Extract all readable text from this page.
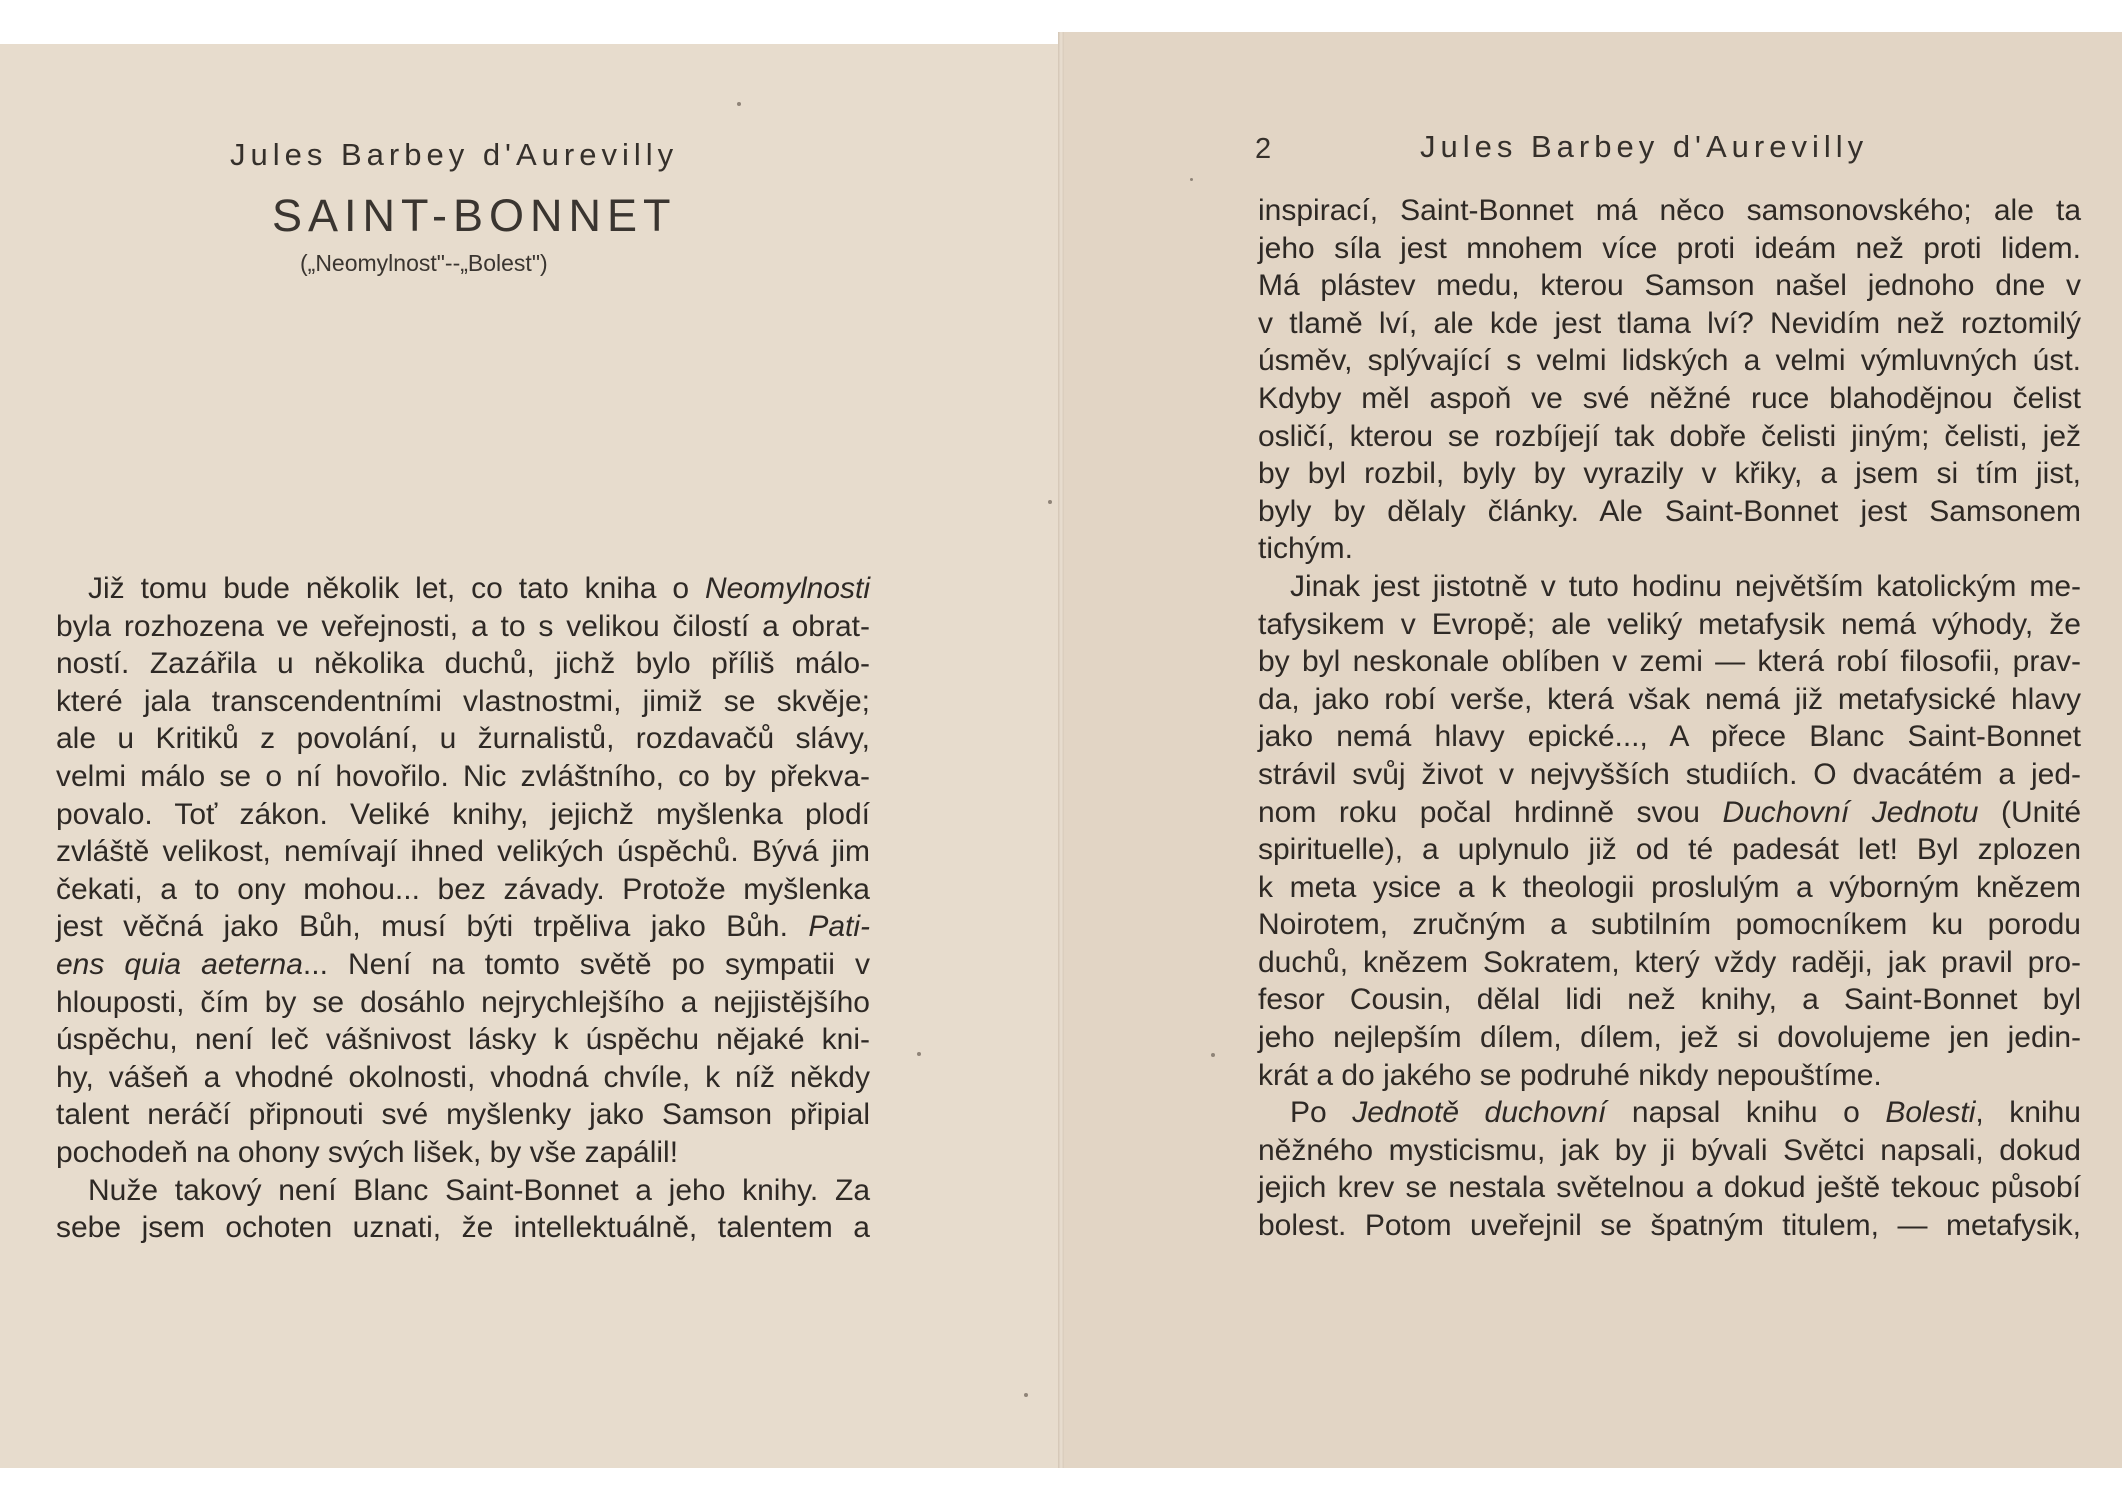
Jules Barbey d'Aurevilly
SAINT-BONNET
(„Neomylnost"--„Bolest")
Již tomu bude několik let, co tato kniha o Neomylnosti
byla rozhozena ve veřejnosti, a to s velikou čilostí a obrat-
ností. Zazářila u několika duchů, jichž bylo příliš málo-
které jala transcendentními vlastnostmi, jimiž se skvěje;
ale u Kritiků z povolání, u žurnalistů, rozdavačů slávy,
velmi málo se o ní hovořilo. Nic zvláštního, co by překva-
povalo. Toť zákon. Veliké knihy, jejichž myšlenka plodí
zvláště velikost, nemívají ihned velikých úspěchů. Bývá jim
čekati, a to ony mohou... bez závady. Protože myšlenka
jest věčná jako Bůh, musí býti trpěliva jako Bůh. Pati-
ens quia aeterna... Není na tomto světě po sympatii v
hlouposti, čím by se dosáhlo nejrychlejšího a nejjistějšího
úspěchu, není leč vášnivost lásky k úspěchu nějaké kni-
hy, vášeň a vhodné okolnosti, vhodná chvíle, k níž někdy
talent neráčí připnouti své myšlenky jako Samson připial
pochodeň na ohony svých lišek, by vše zapálil!
Nuže takový není Blanc Saint-Bonnet a jeho knihy. Za
sebe jsem ochoten uznati, že intellektuálně, talentem a
2	Jules Barbey d'Aurevilly
inspirací, Saint-Bonnet má něco samsonovského; ale ta
jeho síla jest mnohem více proti ideám než proti lidem.
Má plástev medu, kterou Samson našel jednoho dne v
v tlamě lví, ale kde jest tlama lví? Nevidím než roztomilý
úsměv, splývající s velmi lidských a velmi výmluvných úst.
Kdyby měl aspoň ve své něžné ruce blahodějnou čelist
osličí, kterou se rozbíjejí tak dobře čelisti jiným; čelisti, jež
by byl rozbil, byly by vyrazily v křiky, a jsem si tím jist,
byly by dělaly články. Ale Saint-Bonnet jest Samsonem
tichým.
Jinak jest jistotně v tuto hodinu největším katolickým me-
tafysikem v Evropě; ale veliký metafysik nemá výhody, že
by byl neskonale oblíben v zemi — která robí filosofii, prav-
da, jako robí verše, která však nemá již metafysické hlavy
jako nemá hlavy epické..., A přece Blanc Saint-Bonnet
strávil svůj život v nejvyšších studiích. O dvacátém a jed-
nom roku počal hrdinně svou Duchovní Jednotu (Unité
spirituelle), a uplynulo již od té padesát let! Byl zplozen
k meta ysice a k theologii proslulým a výborným knězem
Noirotem, zručným a subtilním pomocníkem ku porodu
duchů, knězem Sokratem, který vždy raději, jak pravil pro-
fesor Cousin, dělal lidi než knihy, a Saint-Bonnet byl
jeho nejlepším dílem, dílem, jež si dovolujeme jen jedin-
krát a do jakého se podruhé nikdy nepouštíme.
Po Jednotě duchovní napsal knihu o Bolesti, knihu
něžného mysticismu, jak by ji bývali Světci napsali, dokud
jejich krev se nestala světelnou a dokud ještě tekouc působí
bolest. Potom uveřejnil se špatným titulem, — metafysik,
